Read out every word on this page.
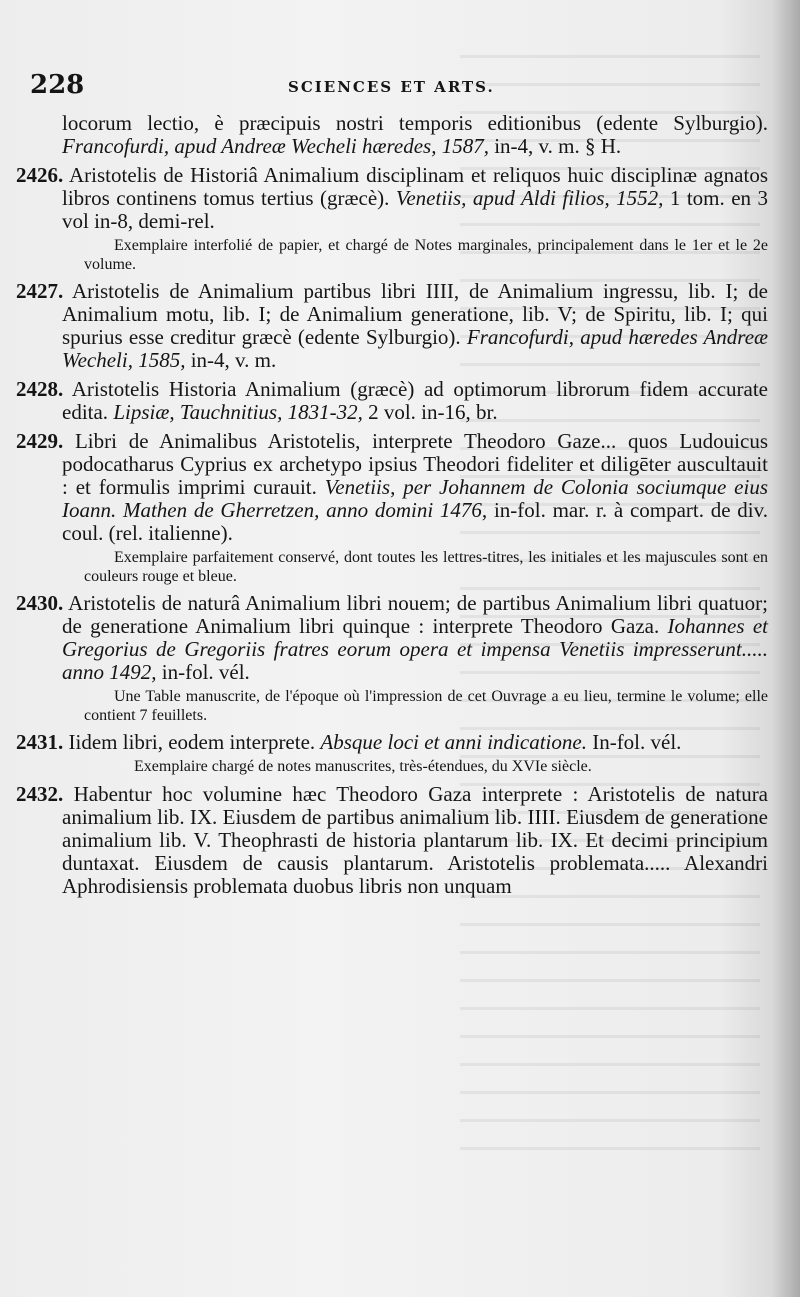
228	SCIENCES ET ARTS.

locorum lectio, è præcipuis nostri temporis editionibus (edente Sylburgio). Francofurdi, apud Andreæ Wecheli hæredes, 1587, in-4, v. m. § H.

2426. Aristotelis de Historiâ Animalium disciplinam et reliquos huic disciplinæ agnatos libros continens tomus tertius (græcè). Venetiis, apud Aldi filios, 1552, 1 tom. en 3 vol in-8, demi-rel.

Exemplaire interfolié de papier, et chargé de Notes marginales, principalement dans le 1er et le 2e volume.

2427. Aristotelis de Animalium partibus libri IIII, de Animalium ingressu, lib. I; de Animalium motu, lib. I; de Animalium generatione, lib. V; de Spiritu, lib. I; qui spurius esse creditur græcè (edente Sylburgio). Francofurdi, apud hæredes Andreæ Wecheli, 1585, in-4, v. m.

2428. Aristotelis Historia Animalium (græcè) ad optimorum librorum fidem accurate edita. Lipsiæ, Tauchnitius, 1831-32, 2 vol. in-16, br.

2429. Libri de Animalibus Aristotelis, interprete Theodoro Gaze... quos Ludouicus podocatharus Cyprius ex archetypo ipsius Theodori fideliter et diligēter auscultauit : et formulis imprimi curauit. Venetiis, per Johannem de Colonia sociumque eius Ioann. Mathen de Gherretzen, anno domini 1476, in-fol. mar. r. à compart. de div. coul. (rel. italienne).

Exemplaire parfaitement conservé, dont toutes les lettres-titres, les initiales et les majuscules sont en couleurs rouge et bleue.

2430. Aristotelis de naturâ Animalium libri nouem; de partibus Animalium libri quatuor; de generatione Animalium libri quinque : interprete Theodoro Gaza. Iohannes et Gregorius de Gregoriis fratres eorum opera et impensa Venetiis impresserunt..... anno 1492, in-fol. vél.

Une Table manuscrite, de l'époque où l'impression de cet Ouvrage a eu lieu, termine le volume; elle contient 7 feuillets.

2431. Iidem libri, eodem interprete. Absque loci et anni indicatione. In-fol. vél.

Exemplaire chargé de notes manuscrites, très-étendues, du XVIe siècle.

2432. Habentur hoc volumine hæc Theodoro Gaza interprete : Aristotelis de natura animalium lib. IX. Eiusdem de partibus animalium lib. IIII. Eiusdem de generatione animalium lib. V. Theophrasti de historia plantarum lib. IX. Et decimi principium duntaxat. Eiusdem de causis plantarum. Aristotelis problemata..... Alexandri Aphrodisiensis problemata duobus libris non unquam
